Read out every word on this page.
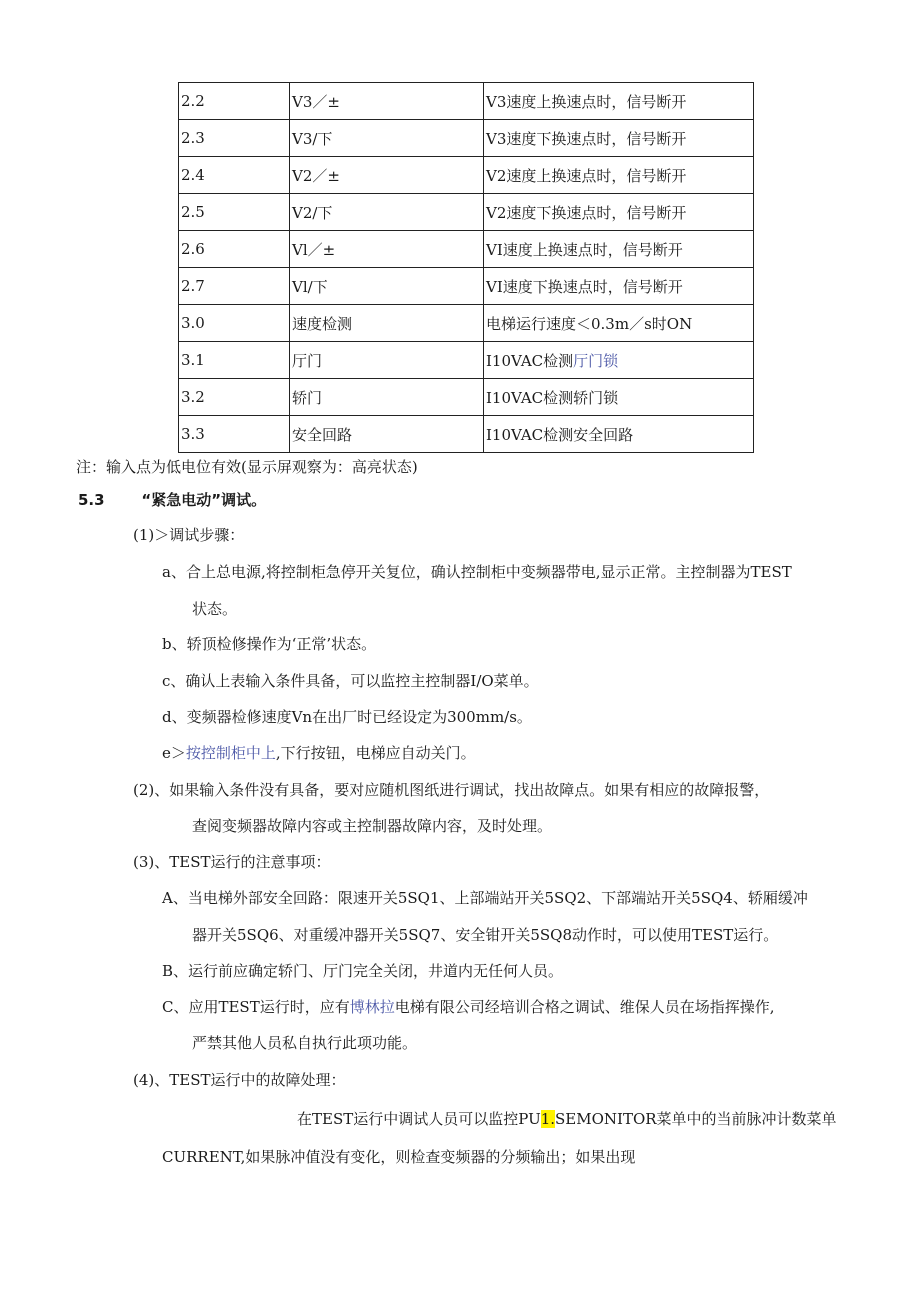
2.2	V3／±	V3速度上换速点时，信号断开
2.3	V3/下	V3速度下换速点时，信号断开
2.4	V2／±	V2速度上换速点时，信号断开
2.5	V2/下	V2速度下换速点时，信号断开
2.6	Vl／±	VI速度上换速点时，信号断开
2.7	Vl/下	VI速度下换速点时，信号断开
3.0	速度检测	电梯运行速度＜0.3m／s时ON
3.1	厅门	I10VAC检测厅门锁
3.2	轿门	I10VAC检测轿门锁
3.3	安全回路	I10VAC检测安全回路
注：输入点为低电位有效(显示屏观察为：高亮状态)
5.3 “紧急电动”调试。
(1)＞调试步骤：
a、合上总电源,将控制柜急停开关复位，确认控制柜中变频器带电,显示正常。主控制器为TEST
状态。
b、轿顶检修操作为‘正常’状态。
c、确认上表输入条件具备，可以监控主控制器I/O菜单。
d、变频器检修速度Vn在出厂时已经设定为300mm/s。
e＞按控制柜中上,下行按钮，电梯应自动关门。
(2)、如果输入条件没有具备，要对应随机图纸进行调试，找出故障点。如果有相应的故障报警，
查阅变频器故障内容或主控制器故障内容，及时处理。
(3)、TEST运行的注意事项：
A、当电梯外部安全回路：限速开关5SQ1、上部端站开关5SQ2、下部端站开关5SQ4、轿厢缓冲
器开关5SQ6、对重缓冲器开关5SQ7、安全钳开关5SQ8动作时，可以使用TEST运行。
B、运行前应确定轿门、厅门完全关闭，井道内无任何人员。
C、应用TEST运行时，应有博林拉电梯有限公司经培训合格之调试、维保人员在场指挥操作,
严禁其他人员私自执行此项功能。
(4)、TEST运行中的故障处理：
在TEST运行中调试人员可以监控PU1.SEMONITOR菜单中的当前脉冲计数菜单
CURRENT,如果脉冲值没有变化，则检查变频器的分频输出；如果出现
